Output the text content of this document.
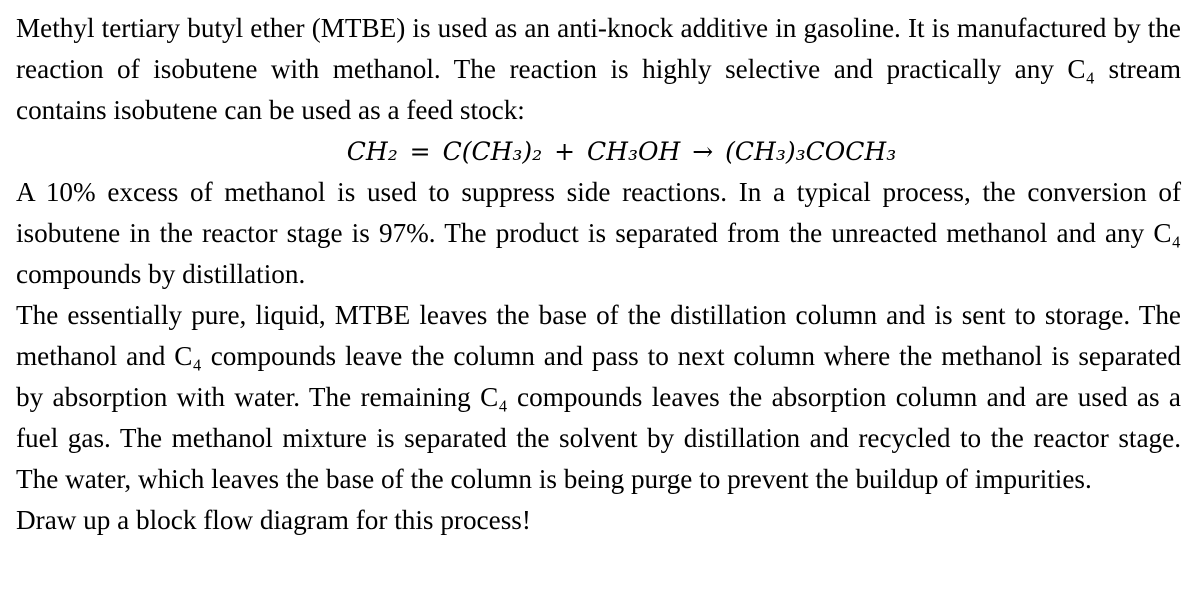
Methyl tertiary butyl ether (MTBE) is used as an anti-knock additive in gasoline. It is manufactured by the reaction of isobutene with methanol. The reaction is highly selective and practically any C₄ stream contains isobutene can be used as a feed stock:

CH₂ = C(CH₃)₂ + CH₃OH → (CH₃)₃COCH₃

A 10% excess of methanol is used to suppress side reactions. In a typical process, the conversion of isobutene in the reactor stage is 97%. The product is separated from the unreacted methanol and any C₄ compounds by distillation.

The essentially pure, liquid, MTBE leaves the base of the distillation column and is sent to storage. The methanol and C₄ compounds leave the column and pass to next column where the methanol is separated by absorption with water. The remaining C₄ compounds leaves the absorption column and are used as a fuel gas. The methanol mixture is separated the solvent by distillation and recycled to the reactor stage. The water, which leaves the base of the column is being purge to prevent the buildup of impurities.

Draw up a block flow diagram for this process!
